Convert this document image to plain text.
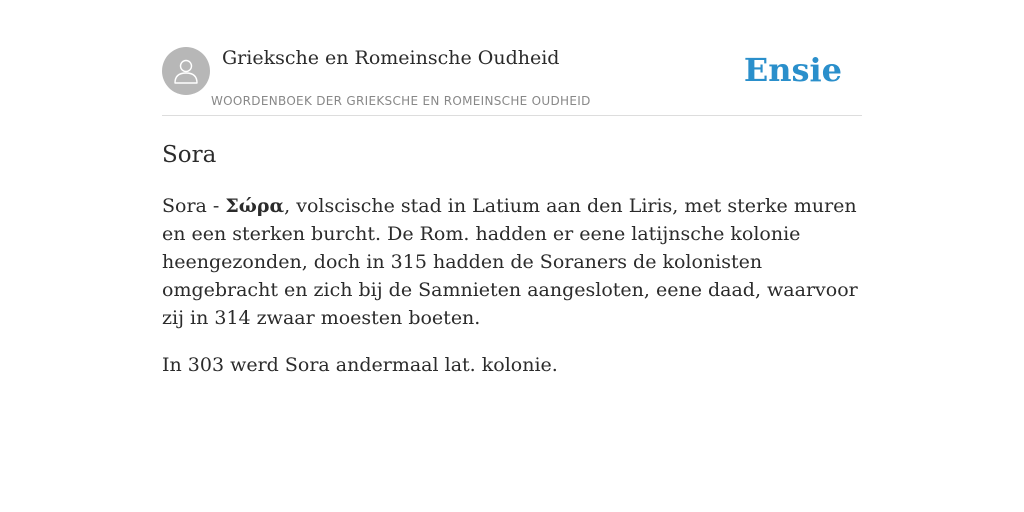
Grieksche en Romeinsche Oudheid
WOORDENBOEK DER GRIEKSCHE EN ROMEINSCHE OUDHEID
Ensie
Sora

Sora - Σώρα, volscische stad in Latium aan den Liris, met sterke muren en een sterken burcht. De Rom. hadden er eene latijnsche kolonie heengezonden, doch in 315 hadden de Soraners de kolonisten omgebracht en zich bij de Samnieten aangesloten, eene daad, waarvoor zij in 314 zwaar moesten boeten.

In 303 werd Sora andermaal lat. kolonie.
